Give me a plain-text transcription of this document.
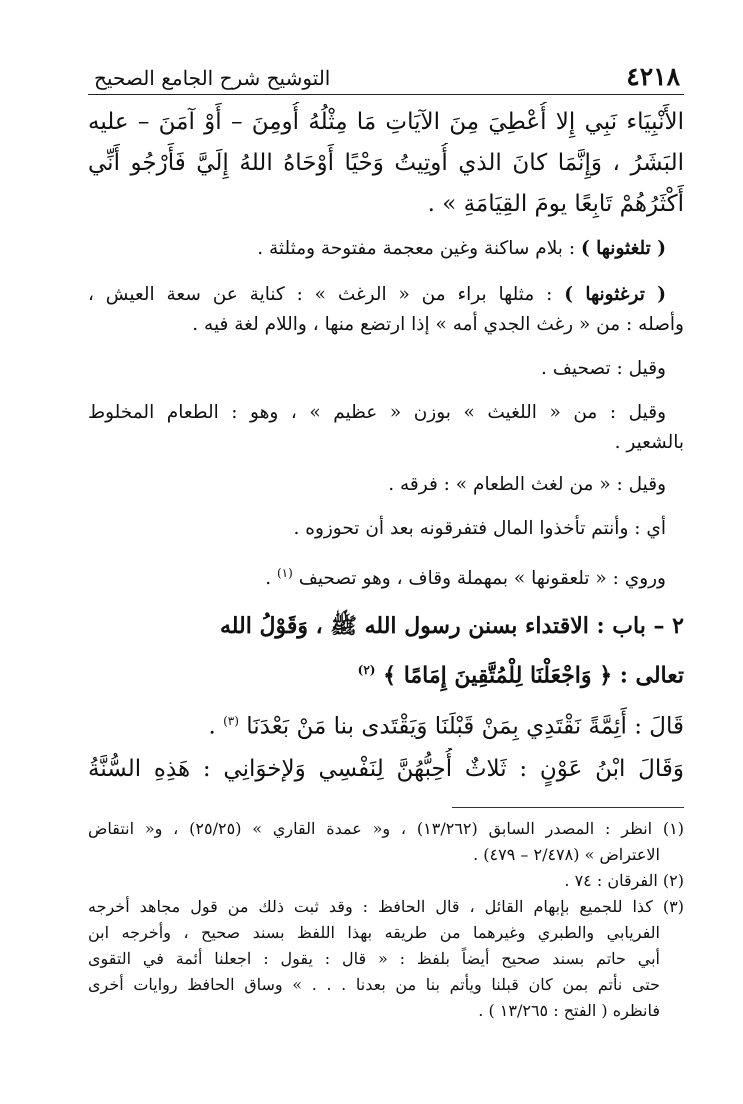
٤٢١٨
التوشيح شرح الجامع الصحيح
الأَنْبِيَاء نَبِي إِلا أُعْطِيَ مِنَ الآيَاتِ مَا مِثْلُهُ أُومِنَ – أَوْ آمَنَ – عليه
البَشَرُ ، وَإِنَّمَا كانَ الذي أُوتِيتُ وَحْيًا أَوْحَاهُ اللهُ إِلَيَّ فَأَرْجُو أَنِّي
أَكْثَرُهُمْ تَابِعًا يومَ القِيَامَةِ » .
( تلغثونها ) : بلام ساكنة وغين معجمة مفتوحة ومثلثة .
( ترغثونها ) : مثلها براء من « الرغث » : كناية عن سعة العيش ،
وأصله : من « رغث الجدي أمه » إذا ارتضع منها ، واللام لغة فيه .
وقيل : تصحيف .
وقيل : من « اللغيث » بوزن « عظيم » ، وهو : الطعام المخلوط
بالشعير .
وقيل : « من لغث الطعام » : فرقه .
أي : وأنتم تأخذوا المال فتفرقونه بعد أن تحوزوه .
وروي : « تلعقونها » بمهملة وقاف ، وهو تصحيف $^{(١)}$ .
٢ – باب : الاقتداء بسنن رسول الله ﷺ ، وَقَوْلُ الله
تعالى : ﴿ وَاجْعَلْنَا لِلْمُتَّقِينَ إِمَامًا ﴾ $^{(٢)}$
قَالَ : أَئِمَّةً نَقْتَدِي بِمَنْ قَبْلَنَا وَيَقْتَدى بنا مَنْ بَعْدَنَا $^{(٣)}$ .
وَقَالَ ابْنُ عَوْنٍ : ثَلاثٌ أُحِبُّهُنَّ لِنَفْسِي وَلإخوَانِي : هَذِهِ السُّنَّةُ
(١) انظر : المصدر السابق (١٣/٢٦٢) ، و« عمدة القاري » (٢٥/٢٥) ، و« انتقاض
الاعتراض » (٢/٤٧٨ – ٤٧٩) .
(٢) الفرقان : ٧٤ .
(٣) كذا للجميع بإبهام القائل ، قال الحافظ : وقد ثبت ذلك من قول مجاهد أخرجه
الفريابي والطبري وغيرهما من طريقه بهذا اللفظ بسند صحيح ، وأخرجه ابن
أبي حاتم بسند صحيح أيضاً بلفظ : « قال : يقول : اجعلنا أئمة في التقوى
حتى نأتم بمن كان قبلنا ويأتم بنا من بعدنا . . . » وساق الحافظ روايات أخرى
فانظره ( الفتح : ١٣/٢٦٥ ) .
